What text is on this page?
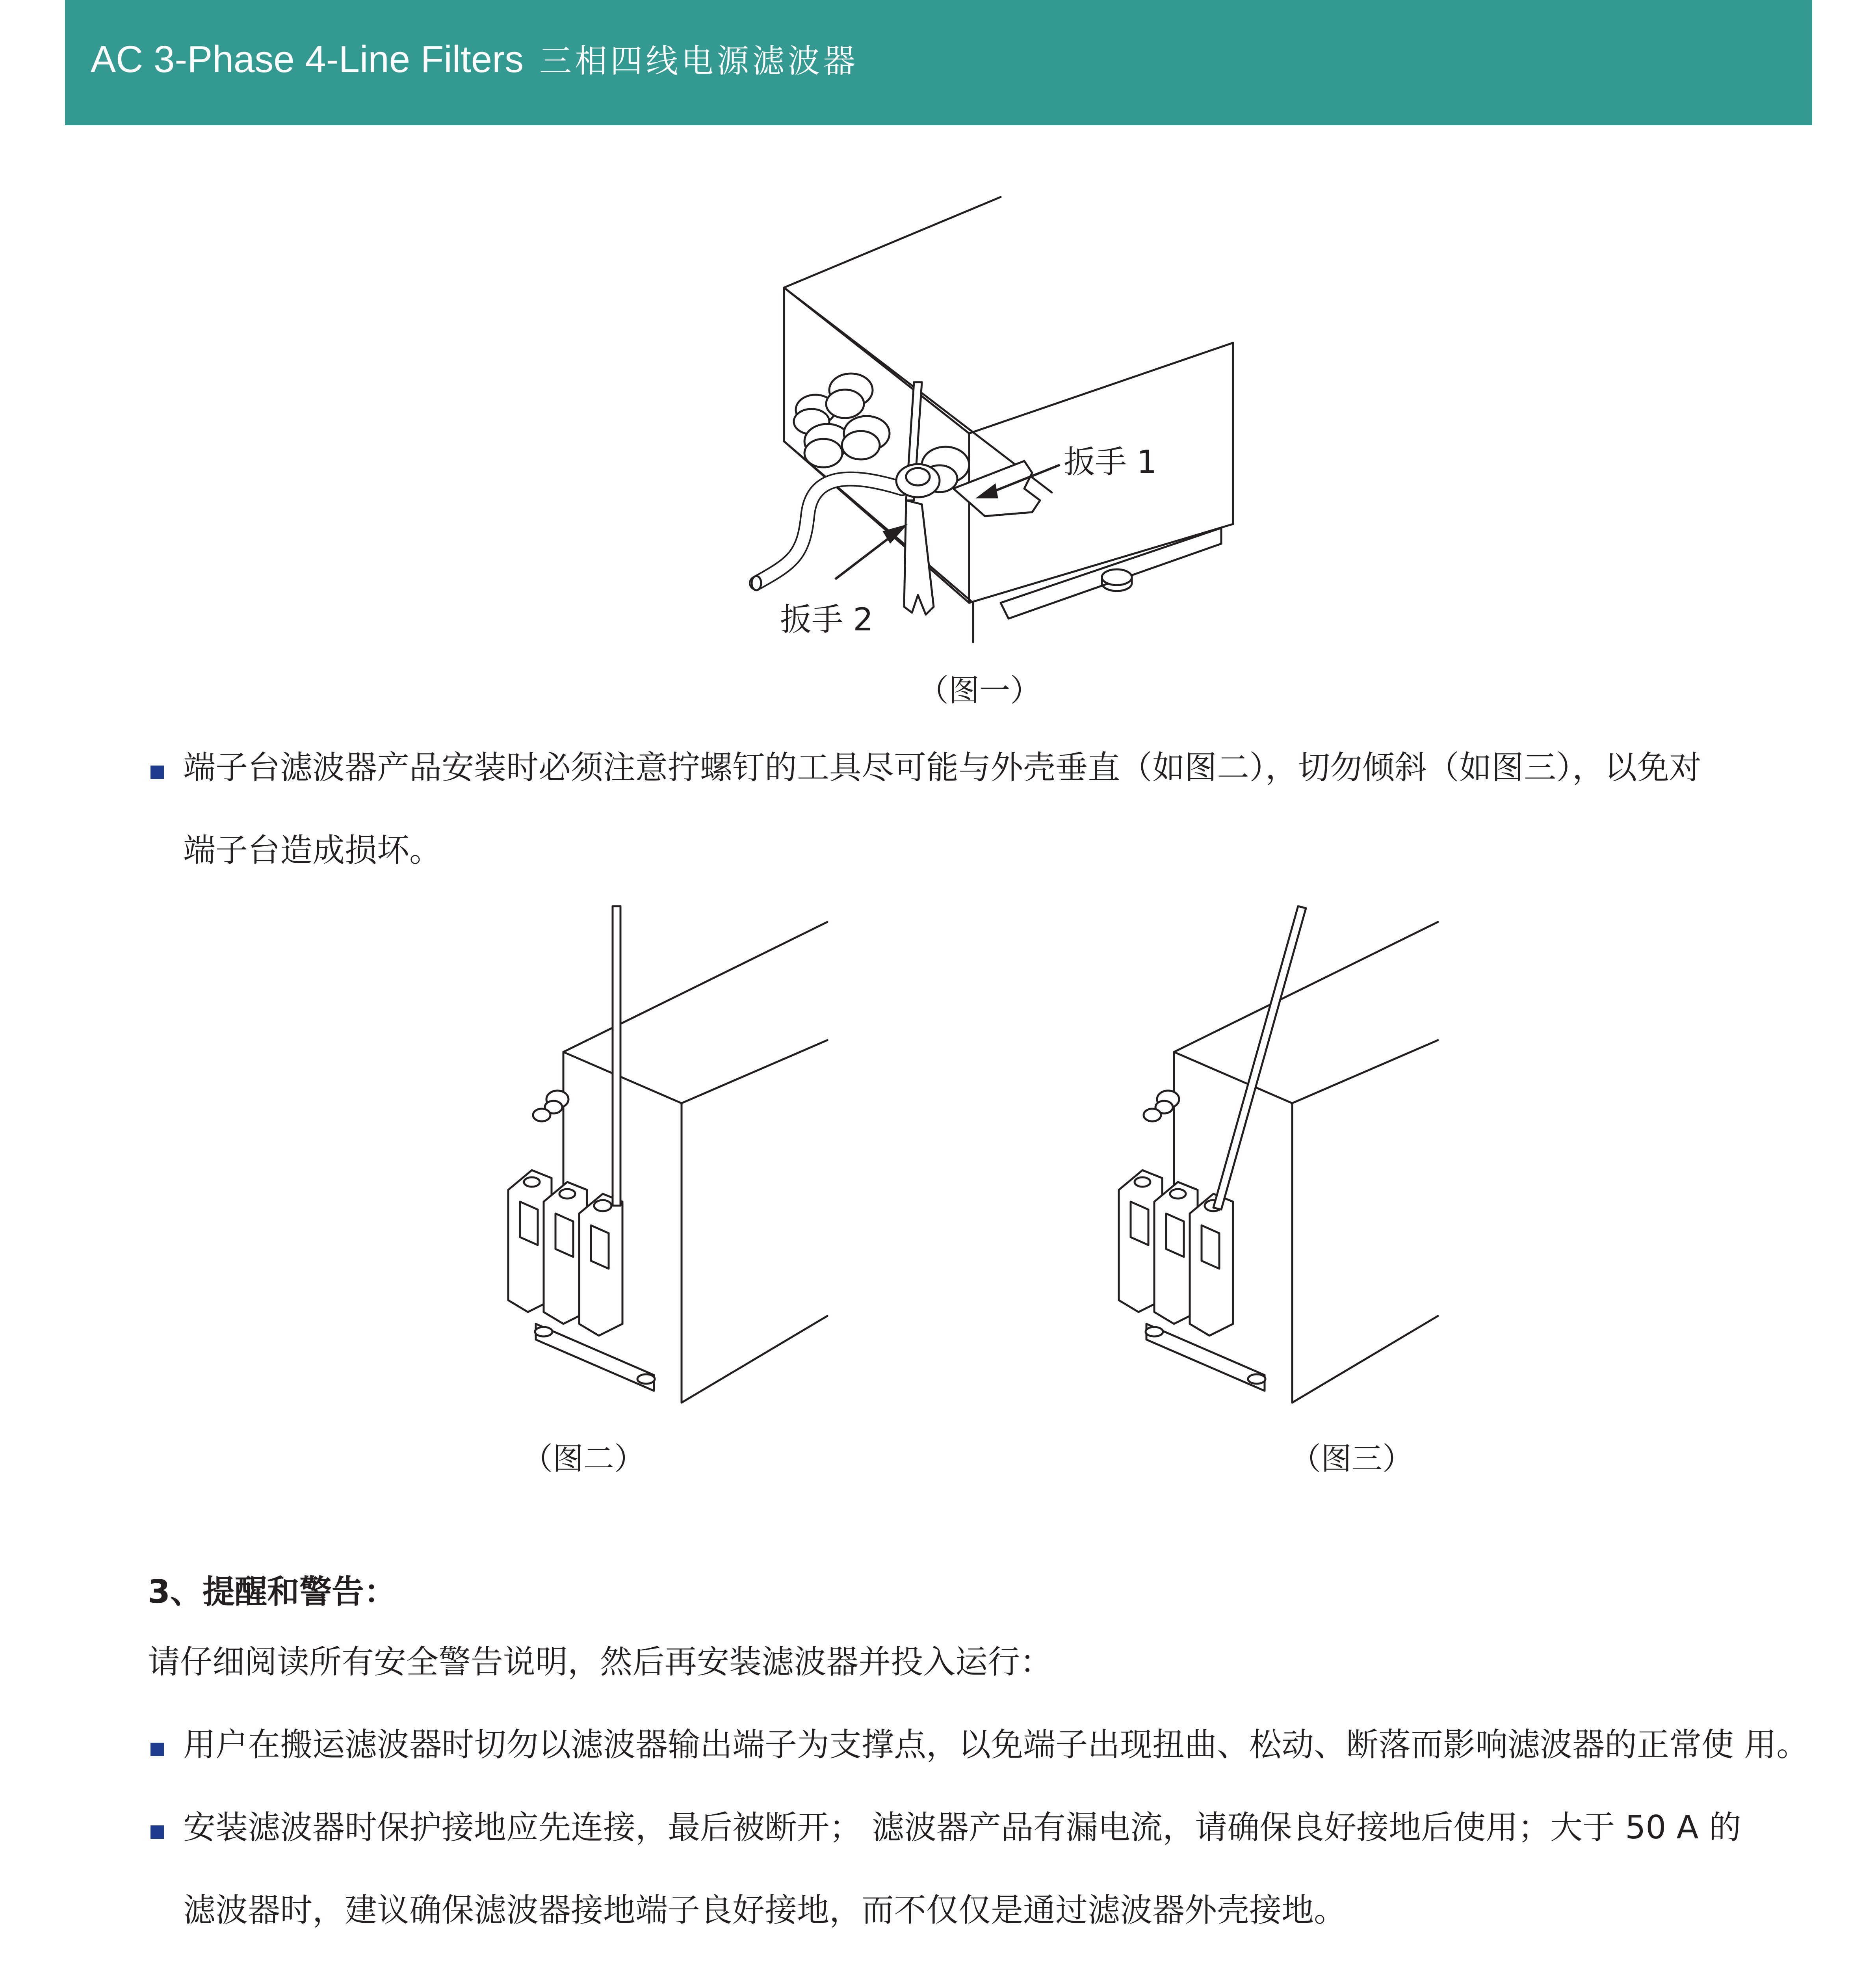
AC 3-Phase 4-Line Filters 三相四线电源滤波器
扳手 1
扳手 2
（图一）
端子台滤波器产品安装时必须注意拧螺钉的工具尽可能与外壳垂直（如图二），切勿倾斜（如图三），以免对
端子台造成损坏。
（图二）	（图三）
3、提醒和警告：
请仔细阅读所有安全警告说明，然后再安装滤波器并投入运行：
用户在搬运滤波器时切勿以滤波器输出端子为支撑点，以免端子出现扭曲、松动、断落而影响滤波器的正常使 用。
安装滤波器时保护接地应先连接，最后被断开； 滤波器产品有漏电流，请确保良好接地后使用；大于 50 A 的
滤波器时，建议确保滤波器接地端子良好接地，而不仅仅是通过滤波器外壳接地。
